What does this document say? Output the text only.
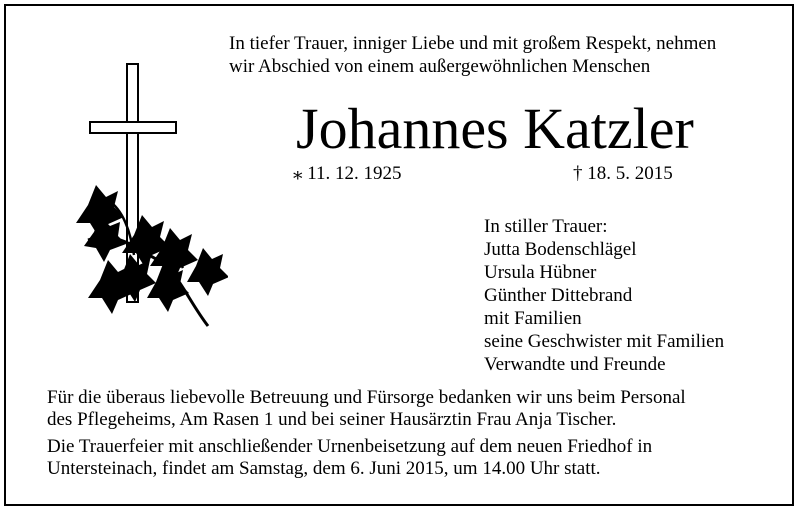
In tiefer Trauer, inniger Liebe und mit großem Respekt, nehmen
wir Abschied von einem außergewöhnlichen Menschen
Johannes Katzler
⁎ 11. 12. 1925	† 18. 5. 2015
In stiller Trauer:
Jutta Bodenschlägel
Ursula Hübner
Günther Dittebrand
mit Familien
seine Geschwister mit Familien
Verwandte und Freunde
Für die überaus liebevolle Betreuung und Fürsorge bedanken wir uns beim Personal
des Pflegeheims, Am Rasen 1 und bei seiner Hausärztin Frau Anja Tischer.
Die Trauerfeier mit anschließender Urnenbeisetzung auf dem neuen Friedhof in
Untersteinach, findet am Samstag, dem 6. Juni 2015, um 14.00 Uhr statt.
